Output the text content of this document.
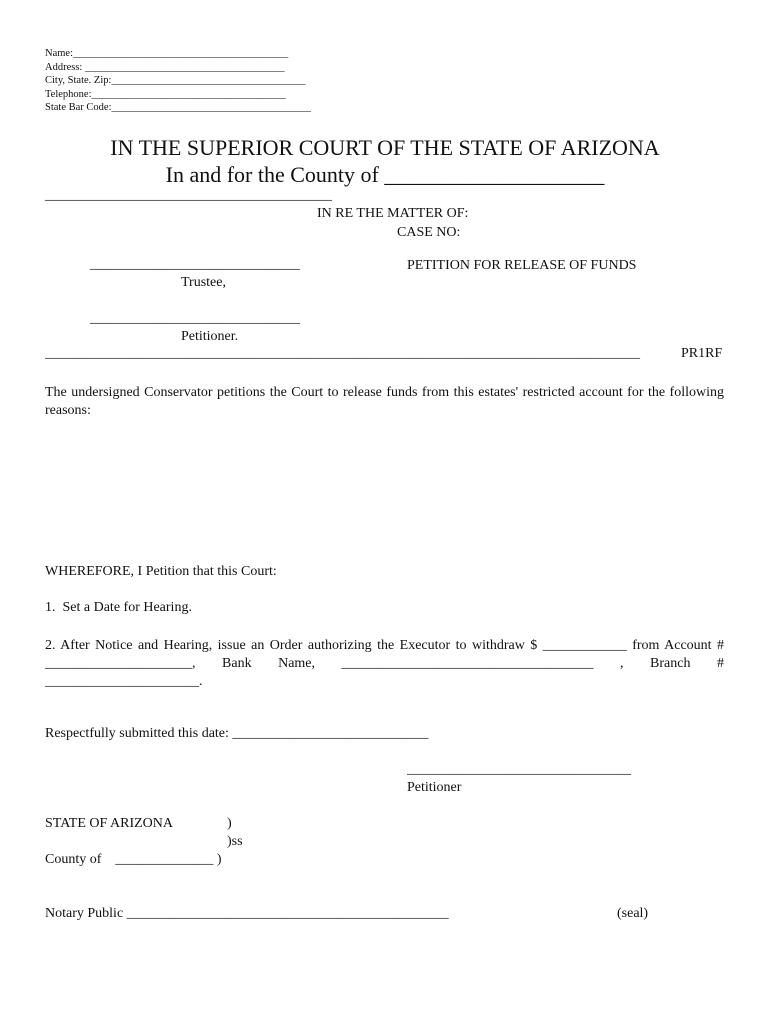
Name:_________________________________________
Address: ______________________________________
City, State. Zip:_____________________________________
Telephone:_____________________________________
State Bar Code:______________________________________
IN THE SUPERIOR COURT OF THE STATE OF ARIZONA
In and for the County of ____________________
_________________________________________
IN RE THE MATTER OF:
CASE NO:
______________________________
Trustee,
PETITION FOR RELEASE OF FUNDS
______________________________
Petitioner.
_____________________________________________________________________________________	PR1RF
The undersigned Conservator petitions the Court to release funds from this estates' restricted account for the following reasons:
WHEREFORE, I Petition that this Court:
1.  Set a Date for Hearing.
2. After Notice and Hearing, issue an Order authorizing the Executor to withdraw $ ____________ from Account # _____________________, Bank Name, ____________________________________ , Branch # ______________________.
Respectfully submitted this date: ____________________________
________________________________
Petitioner
STATE OF ARIZONA	)
)ss
County of    ______________ )
Notary Public ______________________________________________	(seal)
